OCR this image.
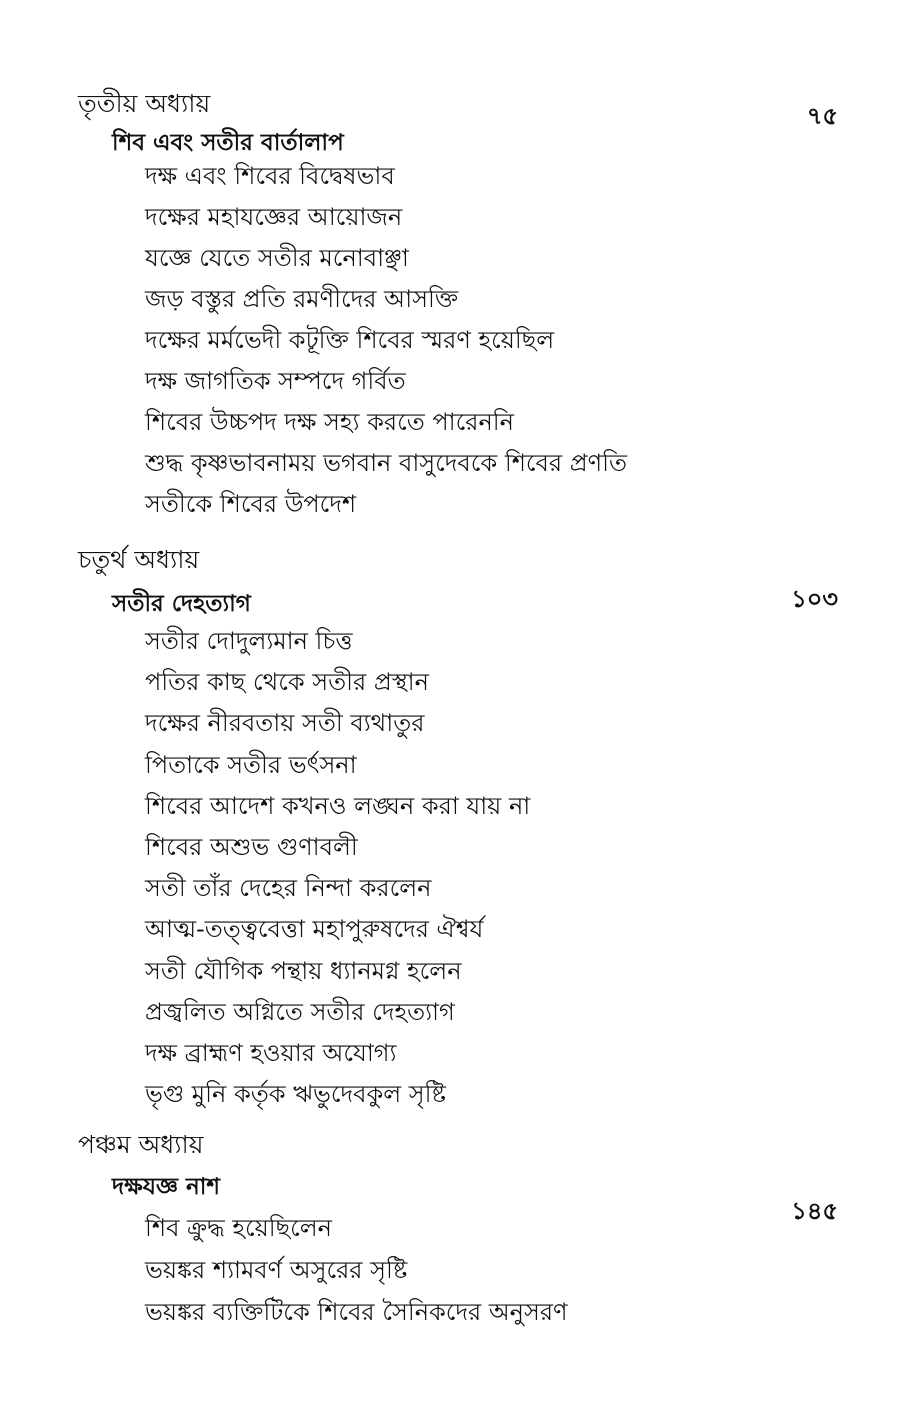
তৃতীয় অধ্যায়
শিব এবং সতীর বার্তালাপ
৭৫
দক্ষ এবং শিবের বিদ্বেষভাব
দক্ষের মহাযজ্ঞের আয়োজন
যজ্ঞে যেতে সতীর মনোবাঞ্ছা
জড় বস্তুর প্রতি রমণীদের আসক্তি
দক্ষের মর্মভেদী কটূক্তি শিবের স্মরণ হয়েছিল
দক্ষ জাগতিক সম্পদে গর্বিত
শিবের উচ্চপদ দক্ষ সহ্য করতে পারেননি
শুদ্ধ কৃষ্ণভাবনাময় ভগবান বাসুদেবকে শিবের প্রণতি
সতীকে শিবের উপদেশ
চতুর্থ অধ্যায়
সতীর দেহত্যাগ	১০৩
সতীর দোদুল্যমান চিত্ত
পতির কাছ থেকে সতীর প্রস্থান
দক্ষের নীরবতায় সতী ব্যথাতুর
পিতাকে সতীর ভর্ৎসনা
শিবের আদেশ কখনও লঙ্ঘন করা যায় না
শিবের অশুভ গুণাবলী
সতী তাঁর দেহের নিন্দা করলেন
আত্ম-তত্ত্ববেত্তা মহাপুরুষদের ঐশ্বর্য
সতী যৌগিক পন্থায় ধ্যানমগ্ন হলেন
প্রজ্বলিত অগ্নিতে সতীর দেহত্যাগ
দক্ষ ব্রাহ্মণ হওয়ার অযোগ্য
ভৃগু মুনি কর্তৃক ঋভুদেবকুল সৃষ্টি
পঞ্চম অধ্যায়
দক্ষযজ্ঞ নাশ
১৪৫
শিব ক্রুদ্ধ হয়েছিলেন
ভয়ঙ্কর শ্যামবর্ণ অসুরের সৃষ্টি
ভয়ঙ্কর ব্যক্তিটিকে শিবের সৈনিকদের অনুসরণ
